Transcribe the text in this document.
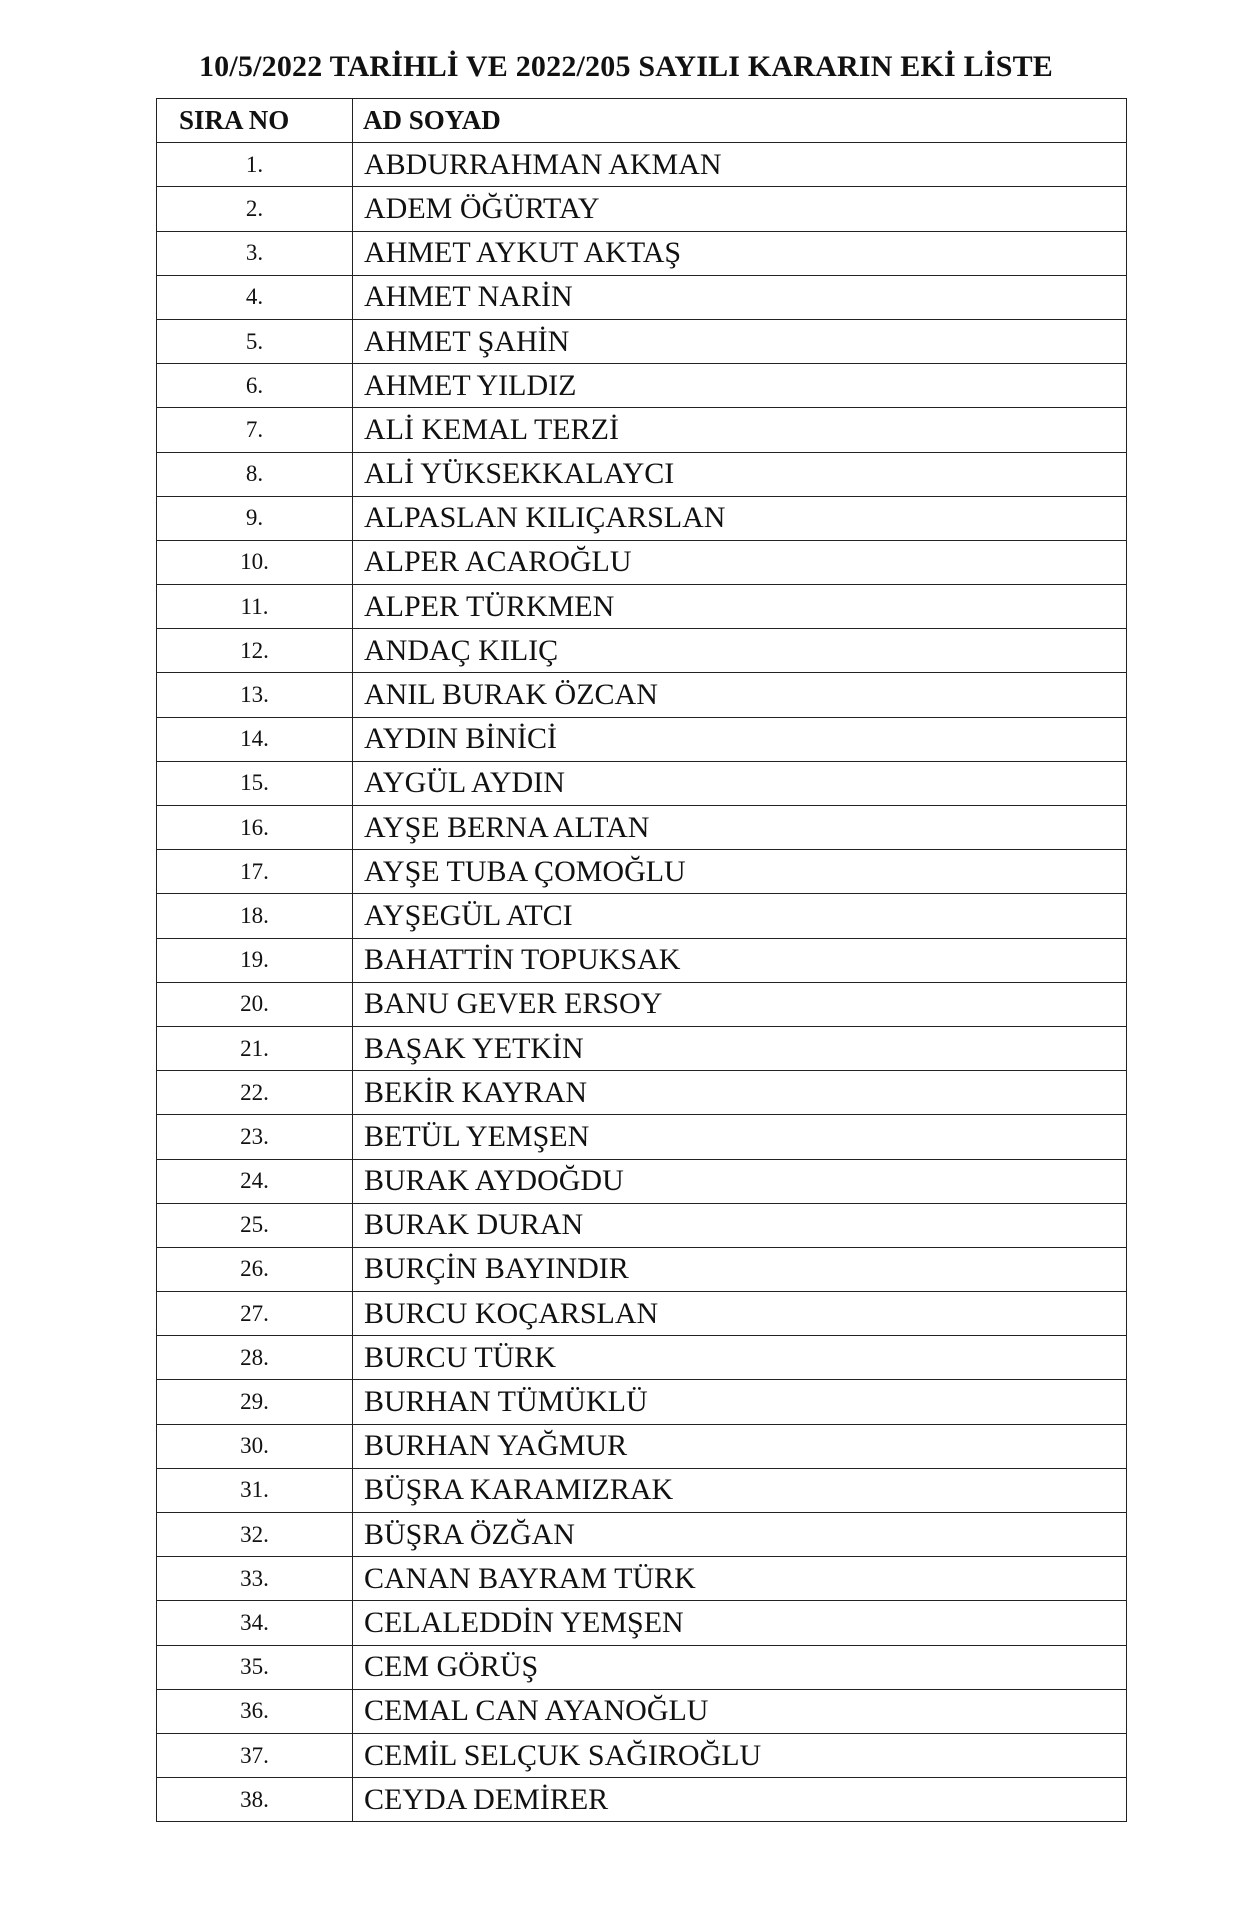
10/5/2022 TARİHLİ VE 2022/205 SAYILI KARARIN EKİ LİSTE
SIRA NO	AD SOYAD
1.	ABDURRAHMAN AKMAN
2.	ADEM ÖĞÜRTAY
3.	AHMET AYKUT AKTAŞ
4.	AHMET NARİN
5.	AHMET ŞAHİN
6.	AHMET YILDIZ
7.	ALİ KEMAL TERZİ
8.	ALİ YÜKSEKKALAYCI
9.	ALPASLAN KILIÇARSLAN
10.	ALPER ACAROĞLU
11.	ALPER TÜRKMEN
12.	ANDAÇ KILIÇ
13.	ANIL BURAK ÖZCAN
14.	AYDIN BİNİCİ
15.	AYGÜL AYDIN
16.	AYŞE BERNA ALTAN
17.	AYŞE TUBA ÇOMOĞLU
18.	AYŞEGÜL ATCI
19.	BAHATTİN TOPUKSAK
20.	BANU GEVER ERSOY
21.	BAŞAK YETKİN
22.	BEKİR KAYRAN
23.	BETÜL YEMŞEN
24.	BURAK AYDOĞDU
25.	BURAK DURAN
26.	BURÇİN BAYINDIR
27.	BURCU KOÇARSLAN
28.	BURCU TÜRK
29.	BURHAN TÜMÜKLÜ
30.	BURHAN YAĞMUR
31.	BÜŞRA KARAMIZRAK
32.	BÜŞRA ÖZĞAN
33.	CANAN BAYRAM TÜRK
34.	CELALEDDİN YEMŞEN
35.	CEM GÖRÜŞ
36.	CEMAL CAN AYANOĞLU
37.	CEMİL SELÇUK SAĞIROĞLU
38.	CEYDA DEMİRER
